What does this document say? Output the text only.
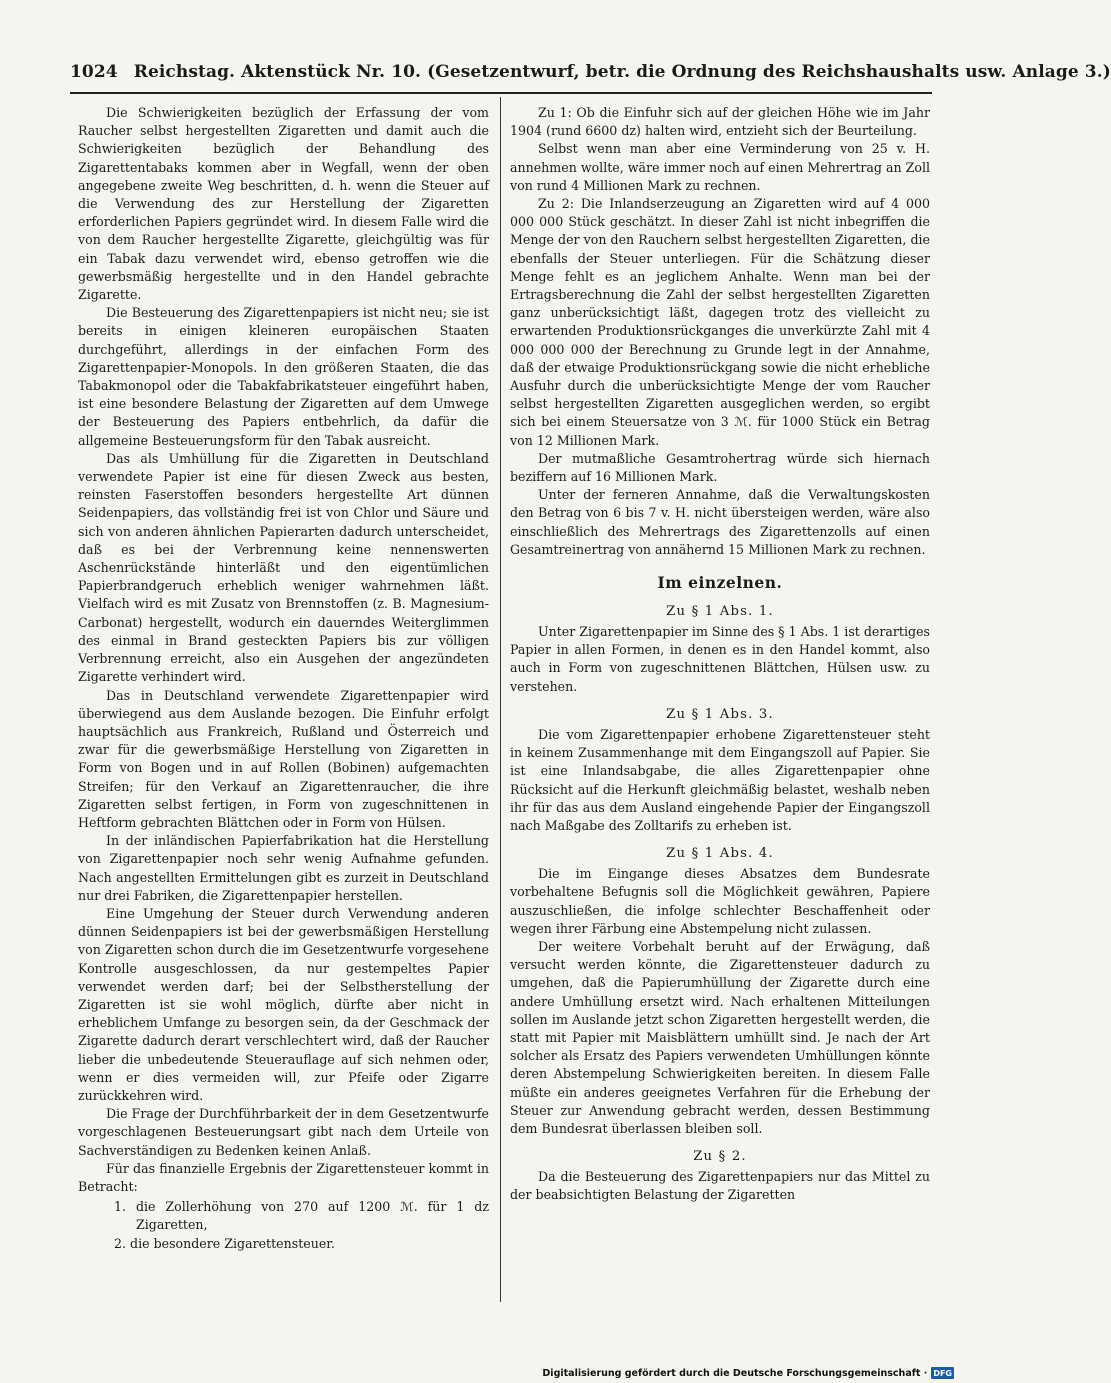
1024 Reichstag. Aktenstück Nr. 10. (Gesetzentwurf, betr. die Ordnung des Reichshaushalts usw. Anlage 3.)

Die Schwierigkeiten bezüglich der Erfassung der vom Raucher selbst hergestellten Zigaretten und damit auch die Schwierigkeiten bezüglich der Behandlung des Zigarettentabaks kommen aber in Wegfall, wenn der oben angegebene zweite Weg beschritten, d. h. wenn die Steuer auf die Verwendung des zur Herstellung der Zigaretten erforderlichen Papiers gegründet wird. In diesem Falle wird die von dem Raucher hergestellte Zigarette, gleichgültig was für ein Tabak dazu verwendet wird, ebenso getroffen wie die gewerbsmäßig hergestellte und in den Handel gebrachte Zigarette.

Die Besteuerung des Zigarettenpapiers ist nicht neu; sie ist bereits in einigen kleineren europäischen Staaten durchgeführt, allerdings in der einfachen Form des Zigarettenpapier-Monopols. In den größeren Staaten, die das Tabakmonopol oder die Tabakfabrikatsteuer eingeführt haben, ist eine besondere Belastung der Zigaretten auf dem Umwege der Besteuerung des Papiers entbehrlich, da dafür die allgemeine Besteuerungsform für den Tabak ausreicht.

Das als Umhüllung für die Zigaretten in Deutschland verwendete Papier ist eine für diesen Zweck aus besten, reinsten Faserstoffen besonders hergestellte Art dünnen Seidenpapiers, das vollständig frei ist von Chlor und Säure und sich von anderen ähnlichen Papierarten dadurch unterscheidet, daß es bei der Verbrennung keine nennenswerten Aschenrückstände hinterläßt und den eigentümlichen Papierbrandgeruch erheblich weniger wahrnehmen läßt. Vielfach wird es mit Zusatz von Brennstoffen (z. B. Magnesium-Carbonat) hergestellt, wodurch ein dauerndes Weiterglimmen des einmal in Brand gesteckten Papiers bis zur völligen Verbrennung erreicht, also ein Ausgehen der angezündeten Zigarette verhindert wird.

Das in Deutschland verwendete Zigarettenpapier wird überwiegend aus dem Auslande bezogen. Die Einfuhr erfolgt hauptsächlich aus Frankreich, Rußland und Österreich und zwar für die gewerbsmäßige Herstellung von Zigaretten in Form von Bogen und in auf Rollen (Bobinen) aufgemachten Streifen; für den Verkauf an Zigarettenraucher, die ihre Zigaretten selbst fertigen, in Form von zugeschnittenen in Heftform gebrachten Blättchen oder in Form von Hülsen.

In der inländischen Papierfabrikation hat die Herstellung von Zigarettenpapier noch sehr wenig Aufnahme gefunden. Nach angestellten Ermittelungen gibt es zurzeit in Deutschland nur drei Fabriken, die Zigarettenpapier herstellen.

Eine Umgehung der Steuer durch Verwendung anderen dünnen Seidenpapiers ist bei der gewerbsmäßigen Herstellung von Zigaretten schon durch die im Gesetzentwurfe vorgesehene Kontrolle ausgeschlossen, da nur gestempeltes Papier verwendet werden darf; bei der Selbstherstellung der Zigaretten ist sie wohl möglich, dürfte aber nicht in erheblichem Umfange zu besorgen sein, da der Geschmack der Zigarette dadurch derart verschlechtert wird, daß der Raucher lieber die unbedeutende Steuerauflage auf sich nehmen oder, wenn er dies vermeiden will, zur Pfeife oder Zigarre zurückkehren wird.

Die Frage der Durchführbarkeit der in dem Gesetzentwurfe vorgeschlagenen Besteuerungsart gibt nach dem Urteile von Sachverständigen zu Bedenken keinen Anlaß.

Für das finanzielle Ergebnis der Zigarettensteuer kommt in Betracht:

1. die Zollerhöhung von 270 auf 1200 ℳ. für 1 dz Zigaretten,
2. die besondere Zigarettensteuer.

Zu 1: Ob die Einfuhr sich auf der gleichen Höhe wie im Jahr 1904 (rund 6600 dz) halten wird, entzieht sich der Beurteilung.

Selbst wenn man aber eine Verminderung von 25 v. H. annehmen wollte, wäre immer noch auf einen Mehrertrag an Zoll von rund 4 Millionen Mark zu rechnen.

Zu 2: Die Inlandserzeugung an Zigaretten wird auf 4 000 000 000 Stück geschätzt. In dieser Zahl ist nicht inbegriffen die Menge der von den Rauchern selbst hergestellten Zigaretten, die ebenfalls der Steuer unterliegen. Für die Schätzung dieser Menge fehlt es an jeglichem Anhalte. Wenn man bei der Ertragsberechnung die Zahl der selbst hergestellten Zigaretten ganz unberücksichtigt läßt, dagegen trotz des vielleicht zu erwartenden Produktionsrückganges die unverkürzte Zahl mit 4 000 000 000 der Berechnung zu Grunde legt in der Annahme, daß der etwaige Produktionsrückgang sowie die nicht erhebliche Ausfuhr durch die unberücksichtigte Menge der vom Raucher selbst hergestellten Zigaretten ausgeglichen werden, so ergibt sich bei einem Steuersatze von 3 ℳ. für 1000 Stück ein Betrag von 12 Millionen Mark.

Der mutmaßliche Gesamtrohertrag würde sich hiernach beziffern auf 16 Millionen Mark.

Unter der ferneren Annahme, daß die Verwaltungskosten den Betrag von 6 bis 7 v. H. nicht übersteigen werden, wäre also einschließlich des Mehrertrags des Zigarettenzolls auf einen Gesamtreinertrag von annähernd 15 Millionen Mark zu rechnen.

Im einzelnen.
Zu § 1 Abs. 1.

Unter Zigarettenpapier im Sinne des § 1 Abs. 1 ist derartiges Papier in allen Formen, in denen es in den Handel kommt, also auch in Form von zugeschnittenen Blättchen, Hülsen usw. zu verstehen.

Zu § 1 Abs. 3.

Die vom Zigarettenpapier erhobene Zigarettensteuer steht in keinem Zusammenhange mit dem Eingangszoll auf Papier. Sie ist eine Inlandsabgabe, die alles Zigarettenpapier ohne Rücksicht auf die Herkunft gleichmäßig belastet, weshalb neben ihr für das aus dem Ausland eingehende Papier der Eingangszoll nach Maßgabe des Zolltarifs zu erheben ist.

Zu § 1 Abs. 4.

Die im Eingange dieses Absatzes dem Bundesrate vorbehaltene Befugnis soll die Möglichkeit gewähren, Papiere auszuschließen, die infolge schlechter Beschaffenheit oder wegen ihrer Färbung eine Abstempelung nicht zulassen.

Der weitere Vorbehalt beruht auf der Erwägung, daß versucht werden könnte, die Zigarettensteuer dadurch zu umgehen, daß die Papierumhüllung der Zigarette durch eine andere Umhüllung ersetzt wird. Nach erhaltenen Mitteilungen sollen im Auslande jetzt schon Zigaretten hergestellt werden, die statt mit Papier mit Maisblättern umhüllt sind. Je nach der Art solcher als Ersatz des Papiers verwendeten Umhüllungen könnte deren Abstempelung Schwierigkeiten bereiten. In diesem Falle müßte ein anderes geeignetes Verfahren für die Erhebung der Steuer zur Anwendung gebracht werden, dessen Bestimmung dem Bundesrat überlassen bleiben soll.

Zu § 2.

Da die Besteuerung des Zigarettenpapiers nur das Mittel zu der beabsichtigten Belastung der Zigaretten

Digitalisierung gefördert durch die Deutsche Forschungsgemeinschaft · DFG
